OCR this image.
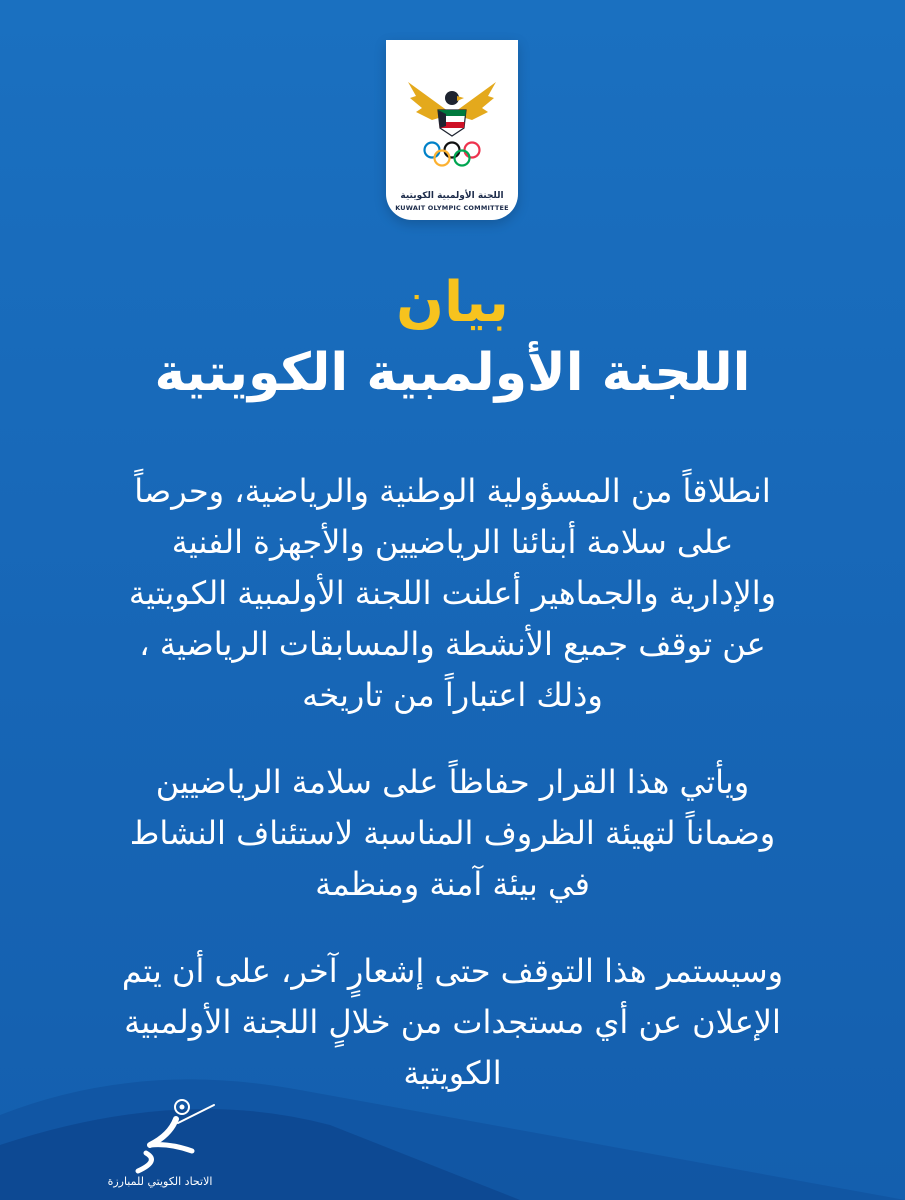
اللجنة الأولمبية الكويتية
KUWAIT OLYMPIC COMMITTEE
بيان
اللجنة الأولمبية الكويتية
انطلاقاً من المسؤولية الوطنية والرياضية، وحرصاً
على سلامة أبنائنا الرياضيين والأجهزة الفنية
والإدارية والجماهير أعلنت اللجنة الأولمبية الكويتية
عن توقف جميع الأنشطة والمسابقات الرياضية ،
وذلك اعتباراً من تاريخه
ويأتي هذا القرار حفاظاً على سلامة الرياضيين
وضماناً لتهيئة الظروف المناسبة لاستئناف النشاط
في بيئة آمنة ومنظمة
وسيستمر هذا التوقف حتى إشعارٍ آخر، على أن يتم
الإعلان عن أي مستجدات من خلالٍ اللجنة الأولمبية
الكويتية
الاتحاد الكويتي للمبارزة
